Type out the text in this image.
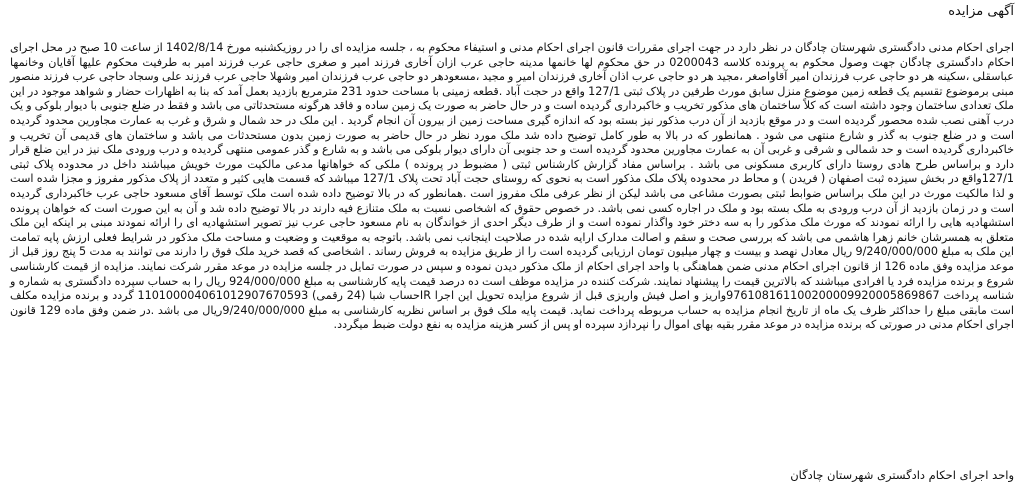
آگهی مزایده
اجرای احکام مدنی دادگستری شهرستان چادگان در نظر دارد در جهت اجرای مقررات قانون اجرای احکام مدنی و استیفاء محکوم به ، جلسه مزایده ای را در روزیکشنبه مورخ 1402/8/14 از ساعت 10 صبح در محل اجرای احکام دادگستری چادگان جهت وصول محکوم به پرونده کلاسه 0200043 در حق محکوم لها خانمها مدینه حاجی عرب ازان آخاری فرزند امیر و صغری حاجی عرب فرزند امیر به طرفیت محکوم علیها آقایان وخانمها عباسقلی ،سکینه هر دو حاجی عرب فرزندان امیر آقاواصغر ،مجید هر دو حاجی عرب اذان آخاری فرزندان امیر و مجید ،مسعودهر دو حاجی عرب فرزندان امیر وشهلا حاجی عرب فرزند علی وسجاد حاجی عرب فرزند منصور مبنی برموضوع تقسیم یک قطعه زمین موضوع منزل سابق مورث طرفین در پلاک ثبتی 127/1 واقع در حجت آباد .قطعه زمینی با مساحت حدود 231 مترمربع بازدید بعمل آمد که بنا به اظهارات حضار و شواهد موجود در این ملک تعدادی ساختمان وجود داشته است که کلاً ساختمان های مذکور تخریب و خاکبرداری گردیده است و در حال حاضر به صورت یک زمین ساده و فاقد هرگونه مستحدثاتی می باشد و فقط در ضلع جنوبی با دیوار بلوکی و یک درب آهنی نصب شده محصور گردیده است و در موقع بازدید از آن درب مذکور نیز بسته بود که اندازه گیری مساحت زمین از بیرون آن انجام گردید . این ملک در حد شمال و شرق و غرب به عمارت مجاورین محدود گردیده است و در ضلع جنوب به گذر و شارع منتهی می شود . همانطور که در بالا به طور کامل توضیح داده شد ملک مورد نظر در حال حاضر به صورت زمین بدون مستحدثات می باشد و ساختمان های قدیمی آن تخریب و خاکبرداری گردیده است و حد شمالی و شرقی و غربی آن به عمارت مجاورین محدود گردیده است و حد جنوبی آن دارای دیوار بلوکی می باشد و به شارع و گذر عمومی منتهی گردیده و درب ورودی ملک نیز در این ضلع قرار دارد و براساس طرح هادی روستا دارای کاربری مسکونی می باشد . براساس مفاد گزارش کارشناس ثبتی ( مضبوط در پرونده ) ملکی که خواهانها مدعی مالکیت مورث خویش میباشند داخل در محدوده پلاک ثبتی 127/1واقع در بخش سیزده ثبت اصفهان ( فریدن ) و محاط در محدوده پلاک ملک مذکور است به نحوی که روستای حجت آباد تحت پلاک 127/1 میباشد که قسمت هایی کثیر و متعدد از پلاک مذکور مفروز و مجزا شده است و لذا مالکیت مورث در این ملک براساس ضوابط ثبتی بصورت مشاعی می باشد لیکن از نظر عرفی ملک مفروز است .همانطور که در بالا توضیح داده شده است ملک توسط آقای مسعود حاجی عرب خاکبرداری گردیده است و در زمان بازدید از آن درب ورودی به ملک بسته بود و ملک در اجاره کسی نمی باشد. در خصوص حقوق که اشخاصی نسبت به ملک متنازع فیه دارند در بالا توضیح داده شد و آن به این صورت است که خواهان پرونده استشهادیه هایی را ارائه نمودند که مورث ملک مذکور را به سه دختر خود واگذار نموده است و از طرف دیگر احدی از خواندگان به نام مسعود حاجی عرب نیز تصویر استشهادیه ای را ارائه نمودند مبنی بر اینکه این ملک متعلق به همسرشان خانم زهرا هاشمی می باشد که بررسی صحت و سقم و اصالت مدارک ارایه شده در صلاحیت اینجانب نمی باشد. باتوجه به موقعیت و وضعیت و مساحت ملک مذکور در شرایط فعلی ارزش پایه تمامت این ملک به مبلغ 9/240/000/000 ریال معادل نهصد و بیست و چهار میلیون تومان ارزیابی گردیده است را از طریق مزایده به فروش رساند . اشخاصی که قصد خرید ملک فوق را دارند می توانند به مدت 5 پنج روز قبل از موعد مزایده وفق ماده 126 از قانون اجرای احکام مدنی ضمن هماهنگی با واحد اجرای احکام از ملک مذکور دیدن نموده و سپس در صورت تمایل در جلسه مزایده در موعد مقرر شرکت نمایند. مزایده از قیمت کارشناسی شروع و برنده مزایده فرد یا افرادی میباشند که بالاترین قیمت را پیشنهاد نمایند. شرکت کننده در مزایده موظف است ده درصد قیمت پایه کارشناسی به مبلغ 924/000/000 ریال را به حساب سپرده دادگستری به شماره و شناسه پرداخت 976108161100200009920005869867واریز و اصل فیش واریزی قبل از شروع مزایده تحویل این اجرا IRحساب شبا (24 رقمی) 110100004061012907670593 گردد و برنده مزایده مکلف است مابقی مبلغ را حداکثر ظرف یک ماه از تاریخ انجام مزایده به حساب مربوطه پرداخت نماید. قیمت پایه ملک فوق بر اساس نظریه کارشناسی به مبلغ 9/240/000/000ریال می باشد .در ضمن وفق ماده 129 قانون اجرای احکام مدنی در صورتی که برنده مزایده در موعد مقرر بقیه بهای اموال را نپردازد سپرده او پس از کسر هزینه مزایده به نفع دولت ضبط میگردد.
واحد اجرای احکام دادگستری شهرستان چادگان
